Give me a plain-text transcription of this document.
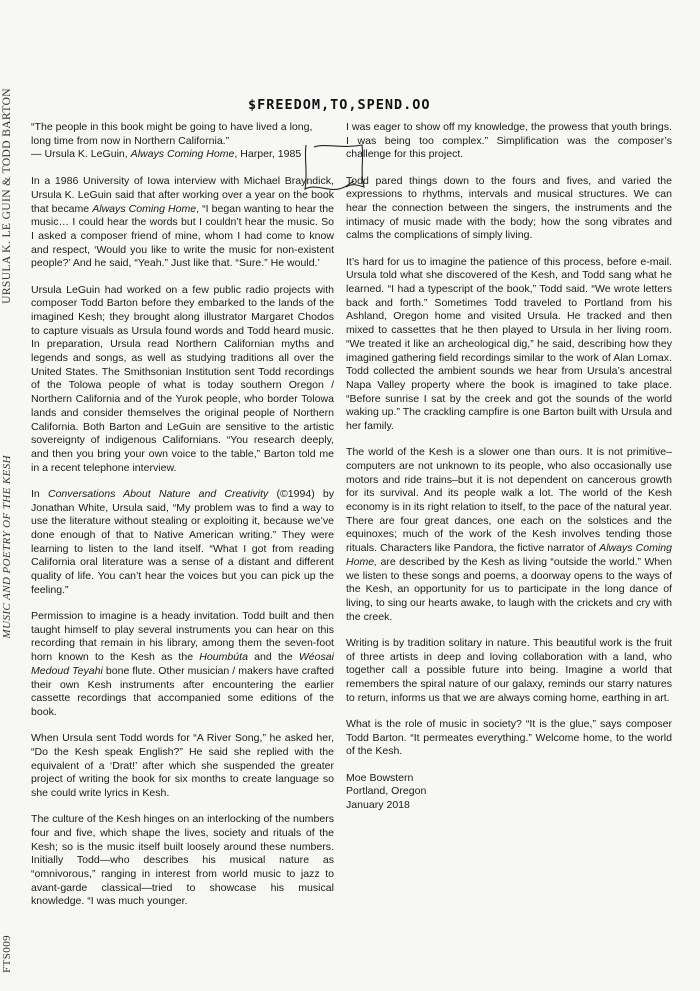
URSULA K. LE GUIN & TODD BARTON
MUSIC AND POETRY OF THE KESH
FTS009
$FREEDOM,TO,SPEND.OO

“The people in this book might be going to have lived a long, long time from now in Northern California.”
— Ursula K. LeGuin, Always Coming Home, Harper, 1985

In a 1986 University of Iowa interview with Michael Brayndick, Ursula K. LeGuin said that after working over a year on the book that became Always Coming Home, “I began wanting to hear the music… I could hear the words but I couldn’t hear the music. So I asked a composer friend of mine, whom I had come to know and respect, ‘Would you like to write the music for non-existent people?’ And he said, “Yeah.” Just like that. “Sure.” He would.’

Ursula LeGuin had worked on a few public radio projects with composer Todd Barton before they embarked to the lands of the imagined Kesh; they brought along illustrator Margaret Chodos to capture visuals as Ursula found words and Todd heard music. In preparation, Ursula read Northern Californian myths and legends and songs, as well as studying traditions all over the United States. The Smithsonian Institution sent Todd recordings of the Tolowa people of what is today southern Oregon / Northern California and of the Yurok people, who border Tolowa lands and consider themselves the original people of Northern California. Both Barton and LeGuin are sensitive to the artistic sovereignty of indigenous Californians. “You research deeply, and then you bring your own voice to the table,” Barton told me in a recent telephone interview.

In Conversations About Nature and Creativity (©1994) by Jonathan White, Ursula said, “My problem was to find a way to use the literature without stealing or exploiting it, because we’ve done enough of that to Native American writing.” They were learning to listen to the land itself. “What I got from reading California oral literature was a sense of a distant and different quality of life. You can’t hear the voices but you can pick up the feeling.”

Permission to imagine is a heady invitation. Todd built and then taught himself to play several instruments you can hear on this recording that remain in his library, among them the seven-foot horn known to the Kesh as the Houmbúta and the Wéosai Medoud Teyahi bone flute. Other musician / makers have crafted their own Kesh instruments after encountering the earlier cassette recordings that accompanied some editions of the book.

When Ursula sent Todd words for “A River Song,” he asked her, “Do the Kesh speak English?” He said she replied with the equivalent of a ‘Drat!’ after which she suspended the greater project of writing the book for six months to create language so she could write lyrics in Kesh.

The culture of the Kesh hinges on an interlocking of the numbers four and five, which shape the lives, society and rituals of the Kesh; so is the music itself built loosely around these numbers. Initially Todd—who describes his musical nature as “omnivorous,” ranging in interest from world music to jazz to avant-garde classical—tried to showcase his musical knowledge. “I was much younger.

I was eager to show off my knowledge, the prowess that youth brings. I was being too complex.” Simplification was the composer’s challenge for this project.

Todd pared things down to the fours and fives, and varied the expressions to rhythms, intervals and musical structures. We can hear the connection between the singers, the instruments and the intimacy of music made with the body; how the song vibrates and calms the complications of simply living.

It’s hard for us to imagine the patience of this process, before e-mail. Ursula told what she discovered of the Kesh, and Todd sang what he learned. “I had a typescript of the book,” Todd said. “We wrote letters back and forth.” Sometimes Todd traveled to Portland from his Ashland, Oregon home and visited Ursula. He tracked and then mixed to cassettes that he then played to Ursula in her living room. “We treated it like an archeological dig,” he said, describing how they imagined gathering field recordings similar to the work of Alan Lomax. Todd collected the ambient sounds we hear from Ursula’s ancestral Napa Valley property where the book is imagined to take place. “Before sunrise I sat by the creek and got the sounds of the world waking up.” The crackling campfire is one Barton built with Ursula and her family.

The world of the Kesh is a slower one than ours. It is not primitive–computers are not unknown to its people, who also occasionally use motors and ride trains–but it is not dependent on cancerous growth for its survival. And its people walk a lot. The world of the Kesh economy is in its right relation to itself, to the pace of the natural year. There are four great dances, one each on the solstices and the equinoxes; much of the work of the Kesh involves tending those rituals. Characters like Pandora, the fictive narrator of Always Coming Home, are described by the Kesh as living “outside the world.” When we listen to these songs and poems, a doorway opens to the ways of the Kesh, an opportunity for us to participate in the long dance of living, to sing our hearts awake, to laugh with the crickets and cry with the creek.

Writing is by tradition solitary in nature. This beautiful work is the fruit of three artists in deep and loving collaboration with a land, who together call a possible future into being. Imagine a world that remembers the spiral nature of our galaxy, reminds our starry natures to return, informs us that we are always coming home, earthing in art.

What is the role of music in society? “It is the glue,” says composer Todd Barton. “It permeates everything.” Welcome home, to the world of the Kesh.

Moe Bowstern
Portland, Oregon
January 2018
